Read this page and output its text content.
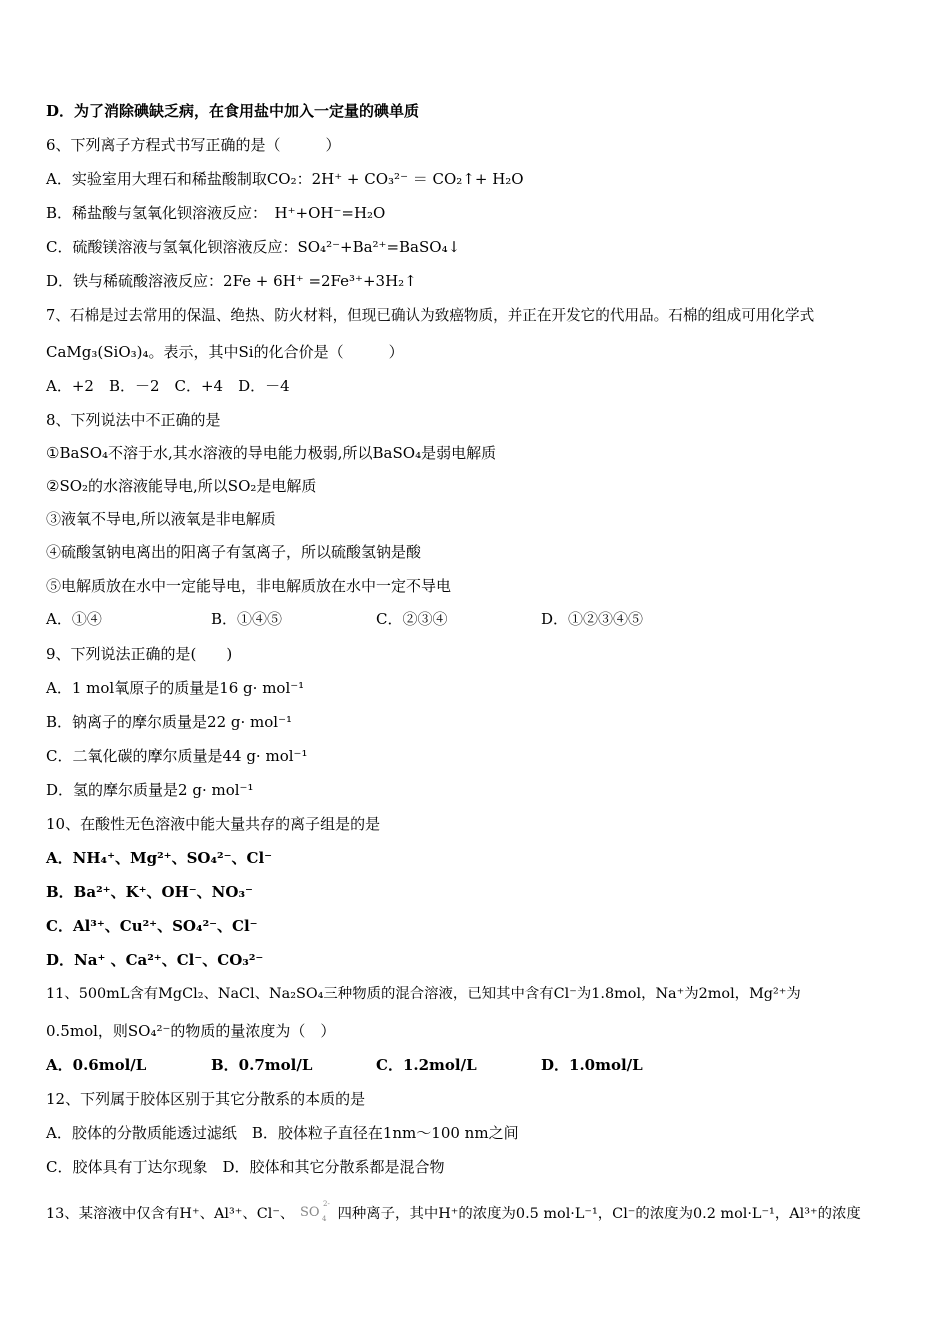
D．为了消除碘缺乏病，在食用盐中加入一定量的碘单质
6、下列离子方程式书写正确的是（　　　）
A．实验室用大理石和稀盐酸制取CO₂：2H⁺ + CO₃²⁻ ＝ CO₂↑+ H₂O
B．稀盐酸与氢氧化钡溶液反应：　H⁺+OH⁻=H₂O
C．硫酸镁溶液与氢氧化钡溶液反应：SO₄²⁻+Ba²⁺=BaSO₄↓
D．铁与稀硫酸溶液反应：2Fe + 6H⁺ =2Fe³⁺+3H₂↑
7、石棉是过去常用的保温、绝热、防火材料，但现已确认为致癌物质，并正在开发它的代用品。石棉的组成可用化学式
CaMg₃(SiO₃)₄。表示，其中Si的化合价是（　　　）
A．+2　B．－2　C．+4　D．－4
8、下列说法中不正确的是
①BaSO₄不溶于水,其水溶液的导电能力极弱,所以BaSO₄是弱电解质
②SO₂的水溶液能导电,所以SO₂是电解质
③液氧不导电,所以液氧是非电解质
④硫酸氢钠电离出的阳离子有氢离子，所以硫酸氢钠是酸
⑤电解质放在水中一定能导电，非电解质放在水中一定不导电
A．①④	B．①④⑤	C．②③④	D．①②③④⑤
9、下列说法正确的是(　　)
A．1 mol氧原子的质量是16 g· mol⁻¹
B．钠离子的摩尔质量是22 g· mol⁻¹
C．二氧化碳的摩尔质量是44 g· mol⁻¹
D．氢的摩尔质量是2 g· mol⁻¹
10、在酸性无色溶液中能大量共存的离子组是的是
A．NH₄⁺、Mg²⁺、SO₄²⁻、Cl⁻
B．Ba²⁺、K⁺、OH⁻、NO₃⁻
C．Al³⁺、Cu²⁺、SO₄²⁻、Cl⁻
D．Na⁺ 、Ca²⁺、Cl⁻、CO₃²⁻
11、500mL含有MgCl₂、NaCl、Na₂SO₄三种物质的混合溶液，已知其中含有Cl⁻为1.8mol，Na⁺为2mol，Mg²⁺为
0.5mol，则SO₄²⁻的物质的量浓度为（　）
A．0.6mol/L	B．0.7mol/L	C．1.2mol/L	D．1.0mol/L
12、下列属于胶体区别于其它分散系的本质的是
A．胶体的分散质能透过滤纸　B．胶体粒子直径在1nm～100 nm之间
C．胶体具有丁达尔现象　D．胶体和其它分散系都是混合物
13、某溶液中仅含有H⁺、Al³⁺、Cl⁻、 SO 4
2-
四种离子，其中H⁺的浓度为0.5 mol·L⁻¹，Cl⁻的浓度为0.2 mol·L⁻¹，Al³⁺的浓度
